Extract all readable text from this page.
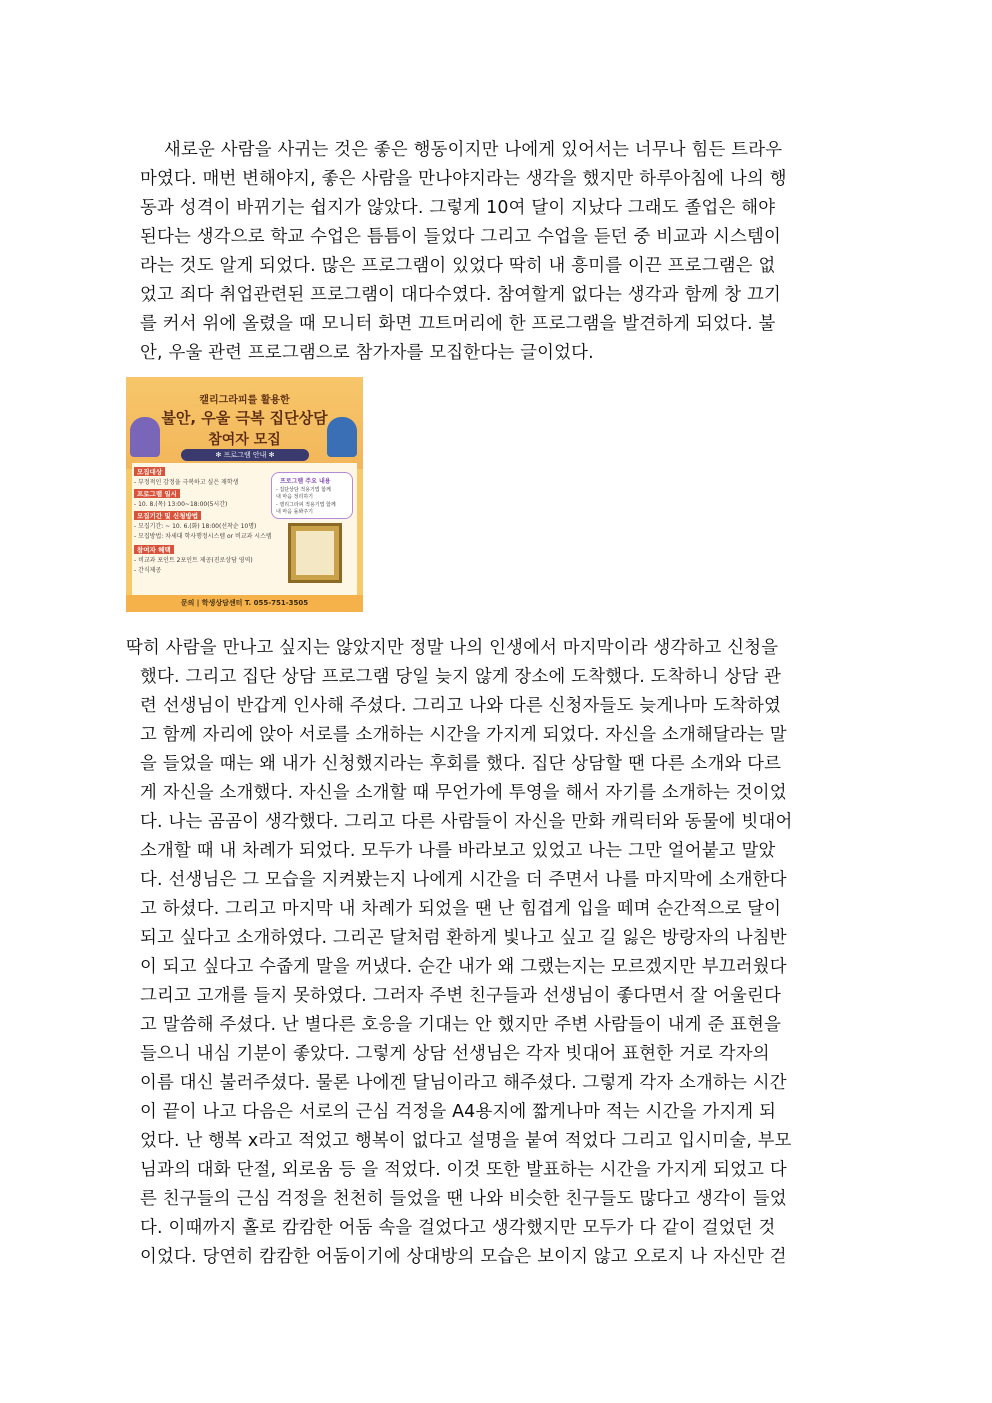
새로운 사람을 사귀는 것은 좋은 행동이지만 나에게 있어서는 너무나 힘든 트라우
마였다. 매번 변해야지, 좋은 사람을 만나야지라는 생각을 했지만 하루아침에 나의 행
동과 성격이 바뀌기는 쉽지가 않았다. 그렇게 10여 달이 지났다 그래도 졸업은 해야
된다는 생각으로 학교 수업은 틈틈이 들었다 그리고 수업을 듣던 중 비교과 시스템이
라는 것도 알게 되었다. 많은 프로그램이 있었다 딱히 내 흥미를 이끈 프로그램은 없
었고 죄다 취업관련된 프로그램이 대다수였다. 참여할게 없다는 생각과 함께 창 끄기
를 커서 위에 올렸을 때 모니터 화면 끄트머리에 한 프로그램을 발견하게 되었다. 불
안, 우울 관련 프로그램으로 참가자를 모집한다는 글이었다.
캘리그라피를 활용한
불안, 우울 극복 집단상담
참여자 모집
✻ 프로그램 안내 ✻
모집대상
- 부정적인 감정을 극복하고 싶은 재학생
프로그램 일시
- 10. 8.(목) 13:00~18:00(5시간)
모집기간 및 신청방법
- 모집기간: ~ 10. 6.(화) 18:00(선착순 10명)
- 모집방법: 차세대 학사행정시스템 or 비교과 시스템
참여자 혜택
- 비교과 포인트 2포인트 제공(진로상담 영역)
- 간식제공
프로그램 주요 내용
- 집단상담 적용기법 함께
내 마음 정리하기
- 캘리그라피 적용기법 함께
내 마음 돌봐주기
문의 | 학생상담센터 T. 055-751-3505
딱히 사람을 만나고 싶지는 않았지만 정말 나의 인생에서 마지막이라 생각하고 신청을
했다. 그리고 집단 상담 프로그램 당일 늦지 않게 장소에 도착했다. 도착하니 상담 관
련 선생님이 반갑게 인사해 주셨다. 그리고 나와 다른 신청자들도 늦게나마 도착하였
고 함께 자리에 앉아 서로를 소개하는 시간을 가지게 되었다. 자신을 소개해달라는 말
을 들었을 때는 왜 내가 신청했지라는 후회를 했다. 집단 상담할 땐 다른 소개와 다르
게 자신을 소개했다. 자신을 소개할 때 무언가에 투영을 해서 자기를 소개하는 것이었
다. 나는 곰곰이 생각했다. 그리고 다른 사람들이 자신을 만화 캐릭터와 동물에 빗대어
소개할 때 내 차례가 되었다. 모두가 나를 바라보고 있었고 나는 그만 얼어붙고 말았
다. 선생님은 그 모습을 지켜봤는지 나에게 시간을 더 주면서 나를 마지막에 소개한다
고 하셨다. 그리고 마지막 내 차례가 되었을 땐 난 힘겹게 입을 떼며 순간적으로 달이
되고 싶다고 소개하였다. 그리곤 달처럼 환하게 빛나고 싶고 길 잃은 방랑자의 나침반
이 되고 싶다고 수줍게 말을 꺼냈다. 순간 내가 왜 그랬는지는 모르겠지만 부끄러웠다
그리고 고개를 들지 못하였다. 그러자 주변 친구들과 선생님이 좋다면서 잘 어울린다
고 말씀해 주셨다. 난 별다른 호응을 기대는 안 했지만 주변 사람들이 내게 준 표현을
들으니 내심 기분이 좋았다. 그렇게 상담 선생님은 각자 빗대어 표현한 거로 각자의
이름 대신 불러주셨다. 물론 나에겐 달님이라고 해주셨다. 그렇게 각자 소개하는 시간
이 끝이 나고 다음은 서로의 근심 걱정을 A4용지에 짧게나마 적는 시간을 가지게 되
었다. 난 행복 x라고 적었고 행복이 없다고 설명을 붙여 적었다 그리고 입시미술, 부모
님과의 대화 단절, 외로움 등 을 적었다. 이것 또한 발표하는 시간을 가지게 되었고 다
른 친구들의 근심 걱정을 천천히 들었을 땐 나와 비슷한 친구들도 많다고 생각이 들었
다. 이때까지 홀로 캄캄한 어둠 속을 걸었다고 생각했지만 모두가 다 같이 걸었던 것
이었다. 당연히 캄캄한 어둠이기에 상대방의 모습은 보이지 않고 오로지 나 자신만 걷
